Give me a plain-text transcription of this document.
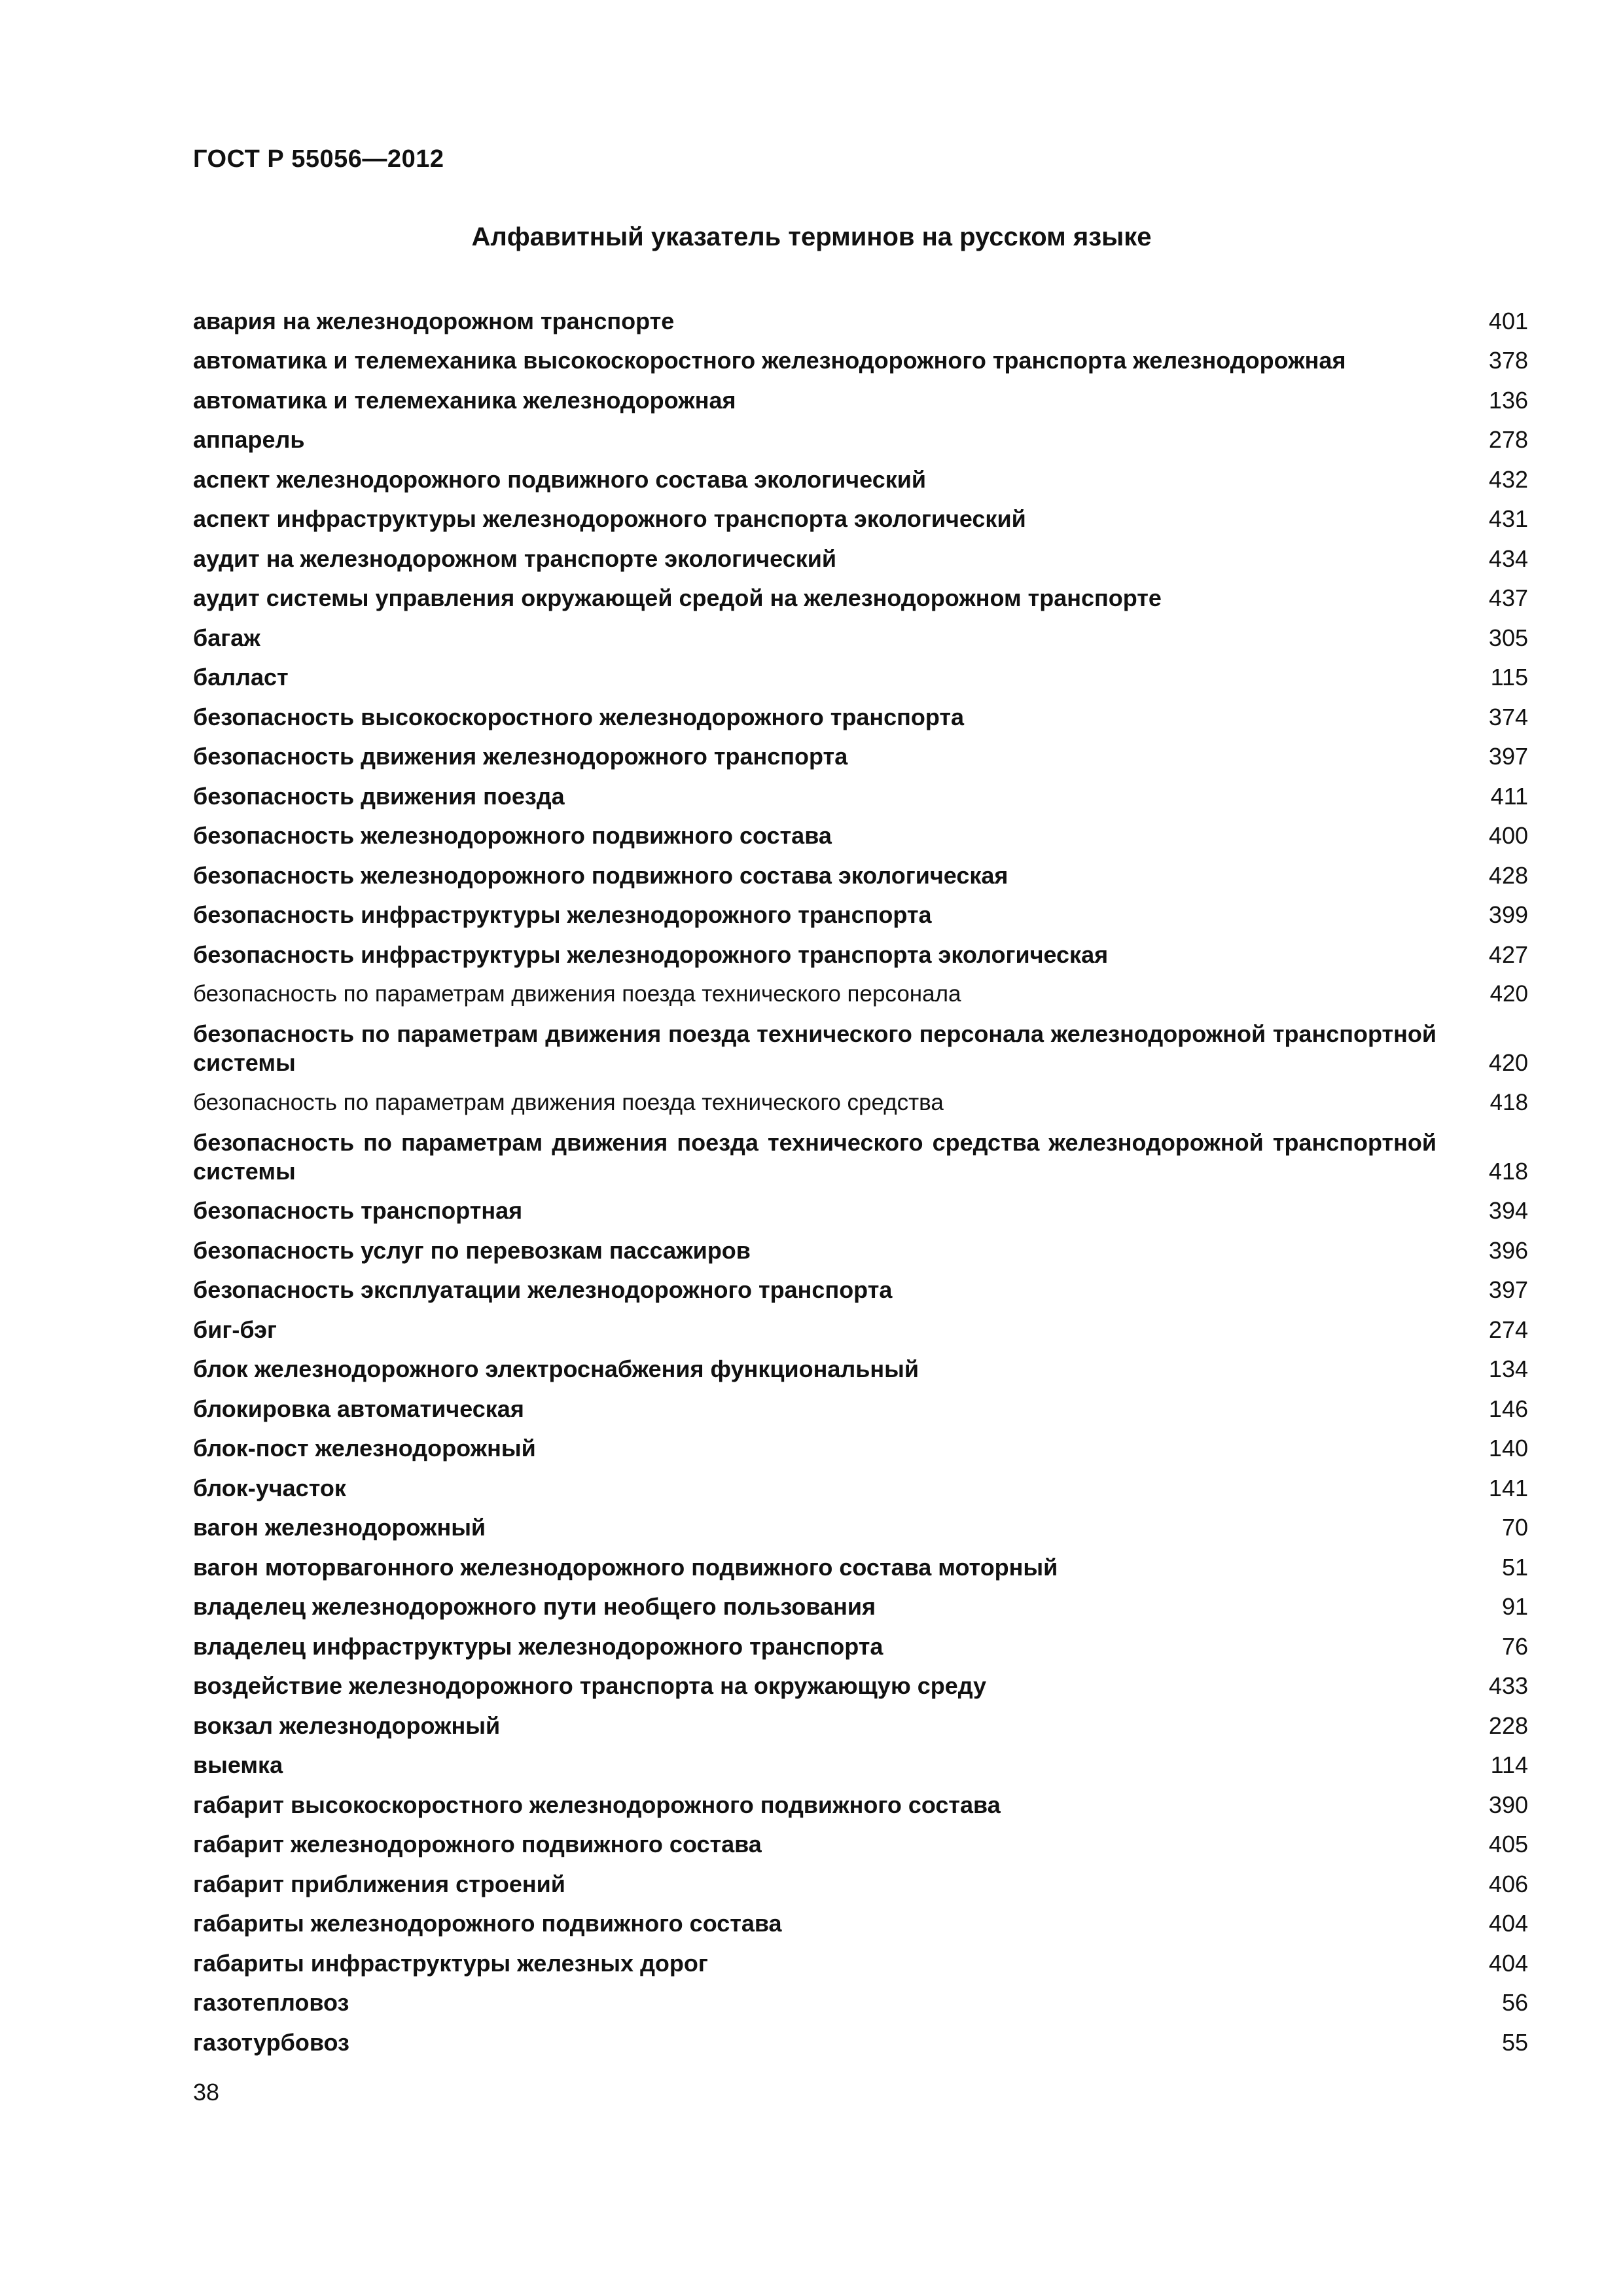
ГОСТ Р 55056—2012
Алфавитный указатель терминов на русском языке
авария на железнодорожном транспорте	401
автоматика и телемеханика высокоскоростного железнодорожного транспорта железнодорожная	378
автоматика и телемеханика железнодорожная	136
аппарель	278
аспект железнодорожного подвижного состава экологический	432
аспект инфраструктуры железнодорожного транспорта экологический	431
аудит на железнодорожном транспорте экологический	434
аудит системы управления окружающей средой на железнодорожном транспорте	437
багаж	305
балласт	115
безопасность высокоскоростного железнодорожного транспорта	374
безопасность движения железнодорожного транспорта	397
безопасность движения поезда	411
безопасность железнодорожного подвижного состава	400
безопасность железнодорожного подвижного состава экологическая	428
безопасность инфраструктуры железнодорожного транспорта	399
безопасность инфраструктуры железнодорожного транспорта экологическая	427
безопасность по параметрам движения поезда технического персонала	420
безопасность по параметрам движения поезда технического персонала железнодорожной транспортной системы	420
безопасность по параметрам движения поезда технического средства	418
безопасность по параметрам движения поезда технического средства железнодорожной транспортной системы	418
безопасность транспортная	394
безопасность услуг по перевозкам пассажиров	396
безопасность эксплуатации железнодорожного транспорта	397
биг-бэг	274
блок железнодорожного электроснабжения функциональный	134
блокировка автоматическая	146
блок-пост железнодорожный	140
блок-участок	141
вагон железнодорожный	70
вагон моторвагонного железнодорожного подвижного состава моторный	51
владелец железнодорожного пути необщего пользования	91
владелец инфраструктуры железнодорожного транспорта	76
воздействие железнодорожного транспорта на окружающую среду	433
вокзал железнодорожный	228
выемка	114
габарит высокоскоростного железнодорожного подвижного состава	390
габарит железнодорожного подвижного состава	405
габарит приближения строений	406
габариты железнодорожного подвижного состава	404
габариты инфраструктуры железных дорог	404
газотепловоз	56
газотурбовоз	55
38
